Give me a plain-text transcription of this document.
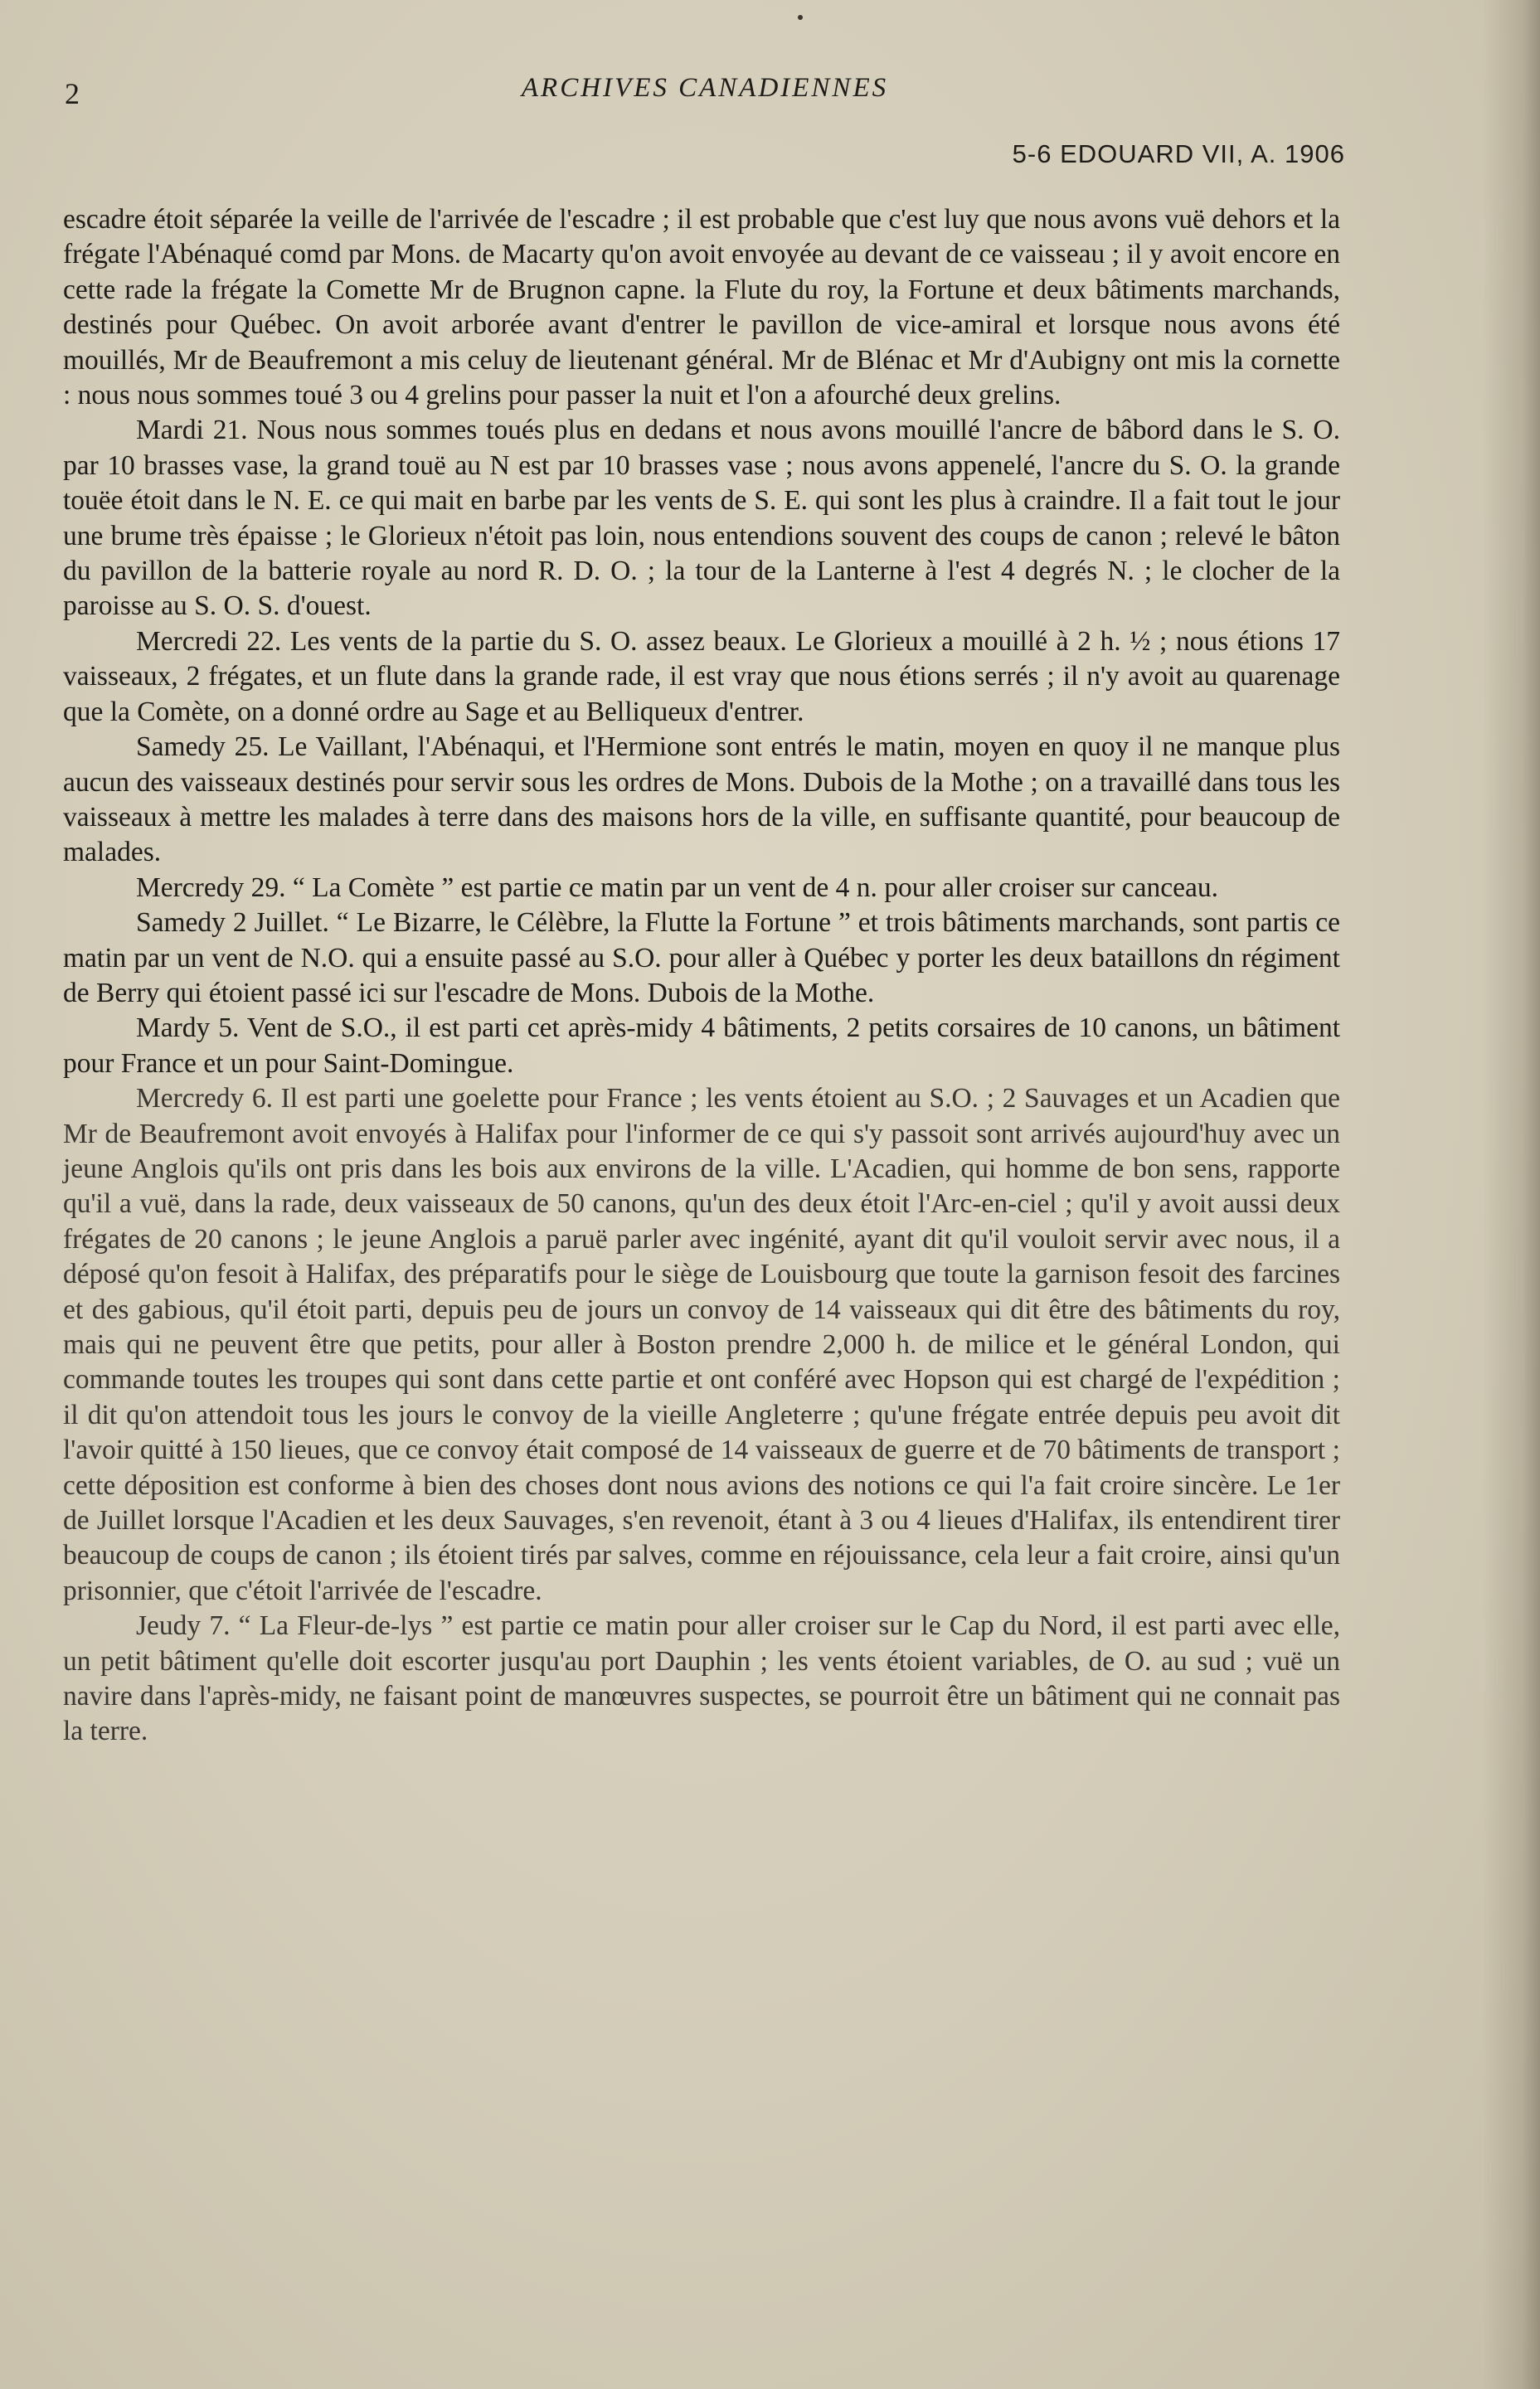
2	ARCHIVES CANADIENNES
5-6 EDOUARD VII, A. 1906

escadre étoit séparée la veille de l'arrivée de l'escadre ; il est probable que c'est luy que nous avons vuë dehors et la frégate l'Abénaqué comd par Mons. de Macarty qu'on avoit envoyée au devant de ce vaisseau ; il y avoit encore en cette rade la frégate la Comette Mr de Brugnon capne. la Flute du roy, la Fortune et deux bâtiments marchands, destinés pour Québec. On avoit arborée avant d'entrer le pavillon de vice-amiral et lorsque nous avons été mouillés, Mr de Beaufremont a mis celuy de lieutenant général. Mr de Blénac et Mr d'Aubigny ont mis la cornette : nous nous sommes toué 3 ou 4 grelins pour passer la nuit et l'on a afourché deux grelins.

Mardi 21. Nous nous sommes toués plus en dedans et nous avons mouillé l'ancre de bâbord dans le S. O. par 10 brasses vase, la grand touë au N est par 10 brasses vase ; nous avons appenelé, l'ancre du S. O. la grande touëe étoit dans le N. E. ce qui mait en barbe par les vents de S. E. qui sont les plus à craindre. Il a fait tout le jour une brume très épaisse ; le Glorieux n'étoit pas loin, nous entendions souvent des coups de canon ; relevé le bâton du pavillon de la batterie royale au nord R. D. O. ; la tour de la Lanterne à l'est 4 degrés N. ; le clocher de la paroisse au S. O. S. d'ouest.

Mercredi 22. Les vents de la partie du S. O. assez beaux. Le Glorieux a mouillé à 2 h. ½ ; nous étions 17 vaisseaux, 2 frégates, et un flute dans la grande rade, il est vray que nous étions serrés ; il n'y avoit au quarenage que la Comète, on a donné ordre au Sage et au Belliqueux d'entrer.

Samedy 25. Le Vaillant, l'Abénaqui, et l'Hermione sont entrés le matin, moyen en quoy il ne manque plus aucun des vaisseaux destinés pour servir sous les ordres de Mons. Dubois de la Mothe ; on a travaillé dans tous les vaisseaux à mettre les malades à terre dans des maisons hors de la ville, en suffisante quantité, pour beaucoup de malades.

Mercredy 29. “ La Comète ” est partie ce matin par un vent de 4 n. pour aller croiser sur canceau.

Samedy 2 Juillet. “ Le Bizarre, le Célèbre, la Flutte la Fortune ” et trois bâtiments marchands, sont partis ce matin par un vent de N.O. qui a ensuite passé au S.O. pour aller à Québec y porter les deux bataillons dn régiment de Berry qui étoient passé ici sur l'escadre de Mons. Dubois de la Mothe.

Mardy 5. Vent de S.O., il est parti cet après-midy 4 bâtiments, 2 petits corsaires de 10 canons, un bâtiment pour France et un pour Saint-Domingue.

Mercredy 6. Il est parti une goelette pour France ; les vents étoient au S.O. ; 2 Sauvages et un Acadien que Mr de Beaufremont avoit envoyés à Halifax pour l'informer de ce qui s'y passoit sont arrivés aujourd'huy avec un jeune Anglois qu'ils ont pris dans les bois aux environs de la ville. L'Acadien, qui homme de bon sens, rapporte qu'il a vuë, dans la rade, deux vaisseaux de 50 canons, qu'un des deux étoit l'Arc-en-ciel ; qu'il y avoit aussi deux frégates de 20 canons ; le jeune Anglois a paruë parler avec ingénité, ayant dit qu'il vouloit servir avec nous, il a déposé qu'on fesoit à Halifax, des préparatifs pour le siège de Louisbourg que toute la garnison fesoit des farcines et des gabious, qu'il étoit parti, depuis peu de jours un convoy de 14 vaisseaux qui dit être des bâtiments du roy, mais qui ne peuvent être que petits, pour aller à Boston prendre 2,000 h. de milice et le général London, qui commande toutes les troupes qui sont dans cette partie et ont conféré avec Hopson qui est chargé de l'expédition ; il dit qu'on attendoit tous les jours le convoy de la vieille Angleterre ; qu'une frégate entrée depuis peu avoit dit l'avoir quitté à 150 lieues, que ce convoy était composé de 14 vaisseaux de guerre et de 70 bâtiments de transport ; cette déposition est conforme à bien des choses dont nous avions des notions ce qui l'a fait croire sincère. Le 1er de Juillet lorsque l'Acadien et les deux Sauvages, s'en revenoit, étant à 3 ou 4 lieues d'Halifax, ils entendirent tirer beaucoup de coups de canon ; ils étoient tirés par salves, comme en réjouissance, cela leur a fait croire, ainsi qu'un prisonnier, que c'étoit l'arrivée de l'escadre.

Jeudy 7. “ La Fleur-de-lys ” est partie ce matin pour aller croiser sur le Cap du Nord, il est parti avec elle, un petit bâtiment qu'elle doit escorter jusqu'au port Dauphin ; les vents étoient variables, de O. au sud ; vuë un navire dans l'après-midy, ne faisant point de manœuvres suspectes, se pourroit être un bâtiment qui ne connait pas la terre.
